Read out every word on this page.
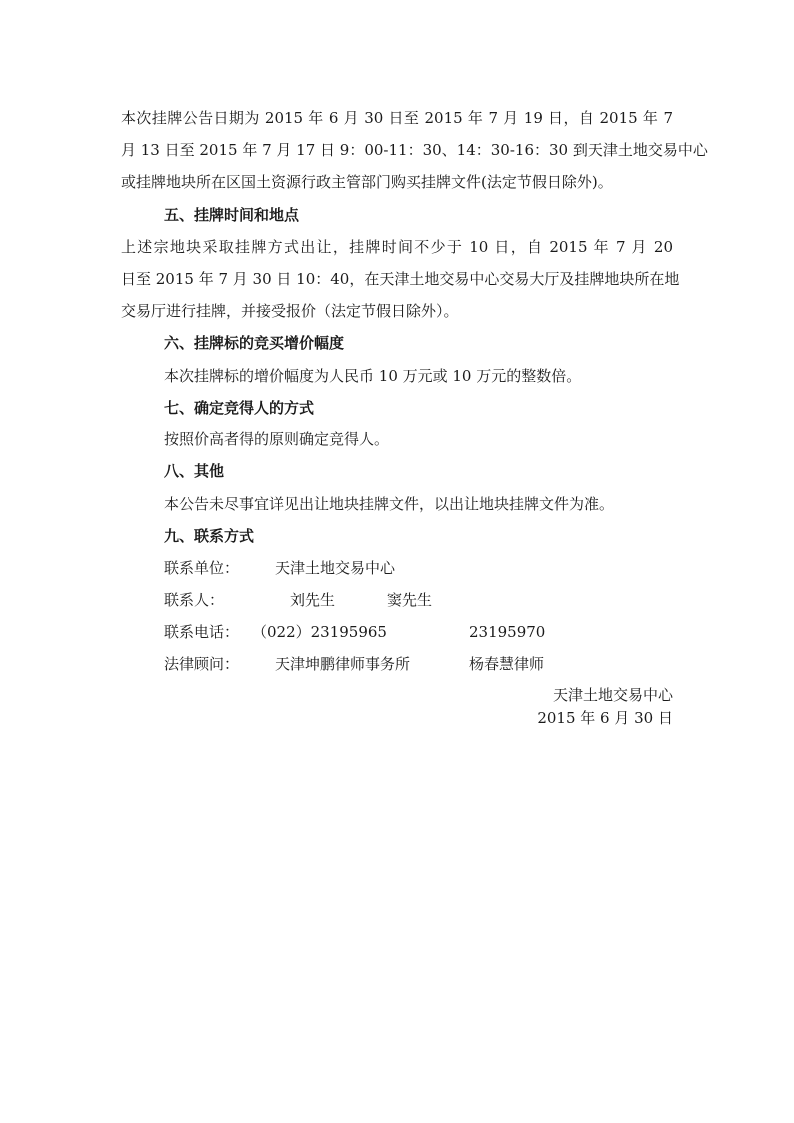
本次挂牌公告日期为 2015 年 6 月 30 日至 2015 年 7 月 19 日，自 2015 年 7
月 13 日至 2015 年 7 月 17 日 9：00-11：30、14：30-16：30 到天津土地交易中心
或挂牌地块所在区国土资源行政主管部门购买挂牌文件(法定节假日除外)。
五、挂牌时间和地点
上述宗地块采取挂牌方式出让，挂牌时间不少于 10 日，自 2015 年 7 月 20
日至 2015 年 7 月 30 日 10：40，在天津土地交易中心交易大厅及挂牌地块所在地
交易厅进行挂牌，并接受报价（法定节假日除外）。
六、挂牌标的竞买增价幅度
本次挂牌标的增价幅度为人民币 10 万元或 10 万元的整数倍。
七、确定竞得人的方式
按照价高者得的原则确定竞得人。
八、其他
本公告未尽事宜详见出让地块挂牌文件，以出让地块挂牌文件为准。
九、联系方式
联系单位： 天津土地交易中心
联系人：	刘先生	窦先生
联系电话： （022）23195965	23195970
法律顾问： 天津坤鹏律师事务所	杨春慧律师
天津土地交易中心
2015 年 6 月 30 日
